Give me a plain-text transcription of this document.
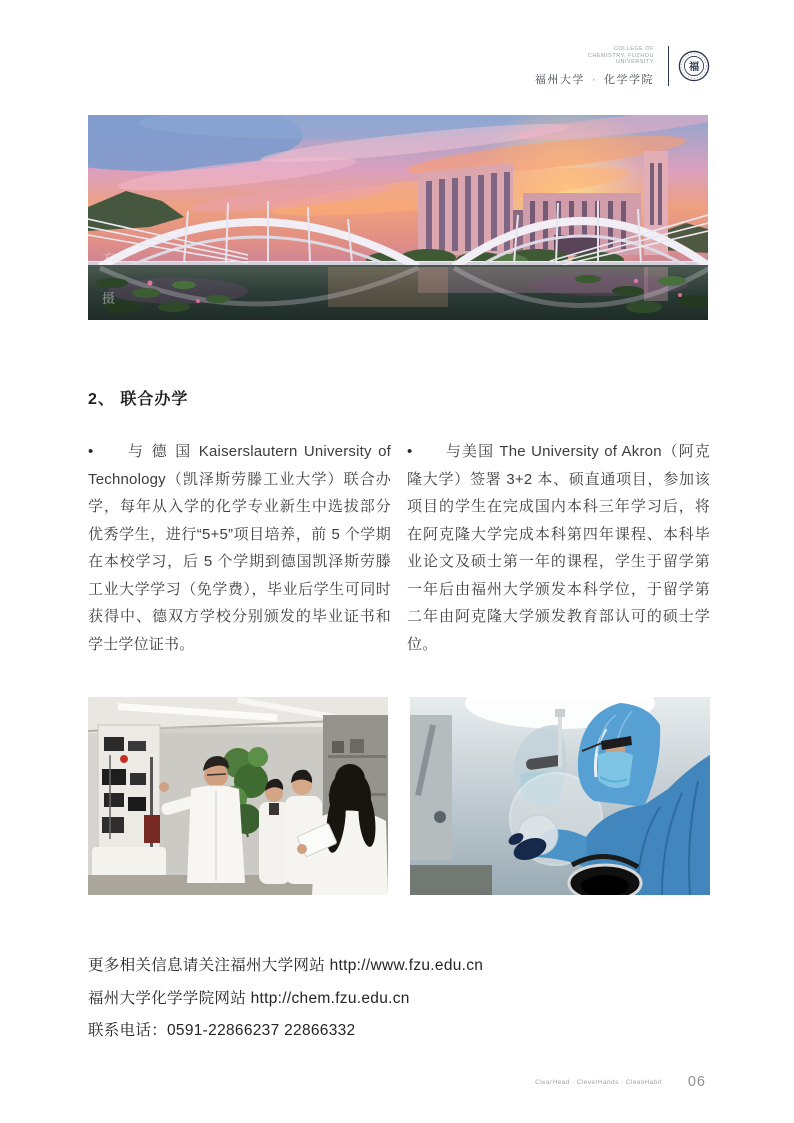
COLLEGE OF
CHEMISTRY, FUZHOU
UNIVERSITY
福州大学 · 化学学院
福
方 摄
2、 联合办学

• 与 德 国 Kaiserslautern University of Technology（凯泽斯劳滕工业大学）联合办学，每年从入学的化学专业新生中选拔部分优秀学生，进行“5+5”项目培养，前 5 个学期在本校学习，后 5 个学期到德国凯泽斯劳滕工业大学学习（免学费），毕业后学生可同时获得中、德双方学校分别颁发的毕业证书和学士学位证书。

• 与美国 The University of Akron（阿克隆大学）签署 3+2 本、硕直通项目，参加该项目的学生在完成国内本科三年学习后，将在阿克隆大学完成本科第四年课程、本科毕业论文及硕士第一年的课程，学生于留学第一年后由福州大学颁发本科学位，于留学第二年由阿克隆大学颁发教育部认可的硕士学位。

更多相关信息请关注福州大学网站 http://www.fzu.edu.cn
福州大学化学学院网站 http://chem.fzu.edu.cn
联系电话：0591-22866237 22866332
ClearHead · CleverHands · CleanHabit 06
